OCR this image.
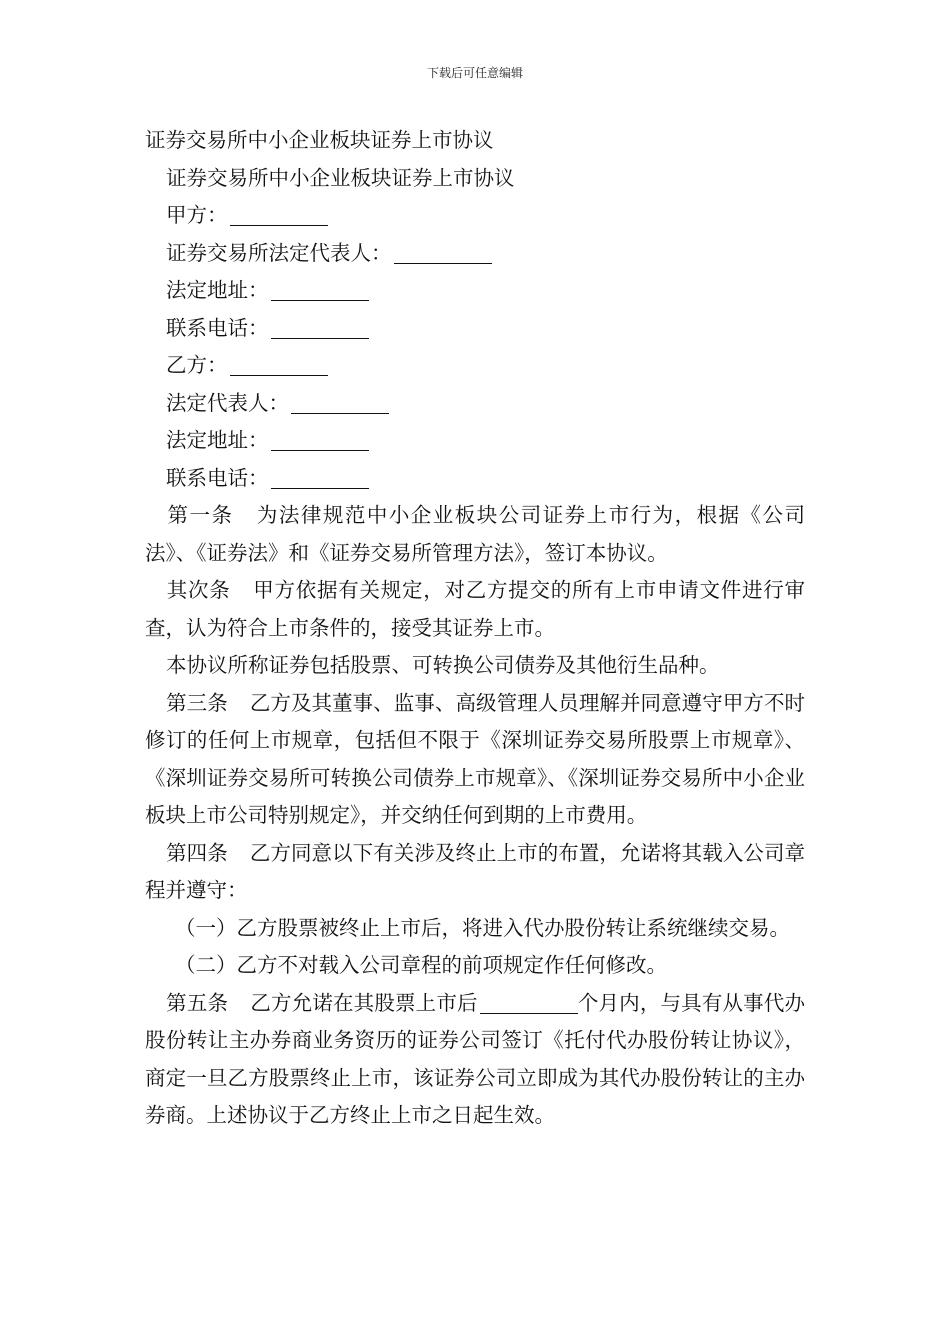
下载后可任意编辑
证券交易所中小企业板块证券上市协议
证券交易所中小企业板块证券上市协议
甲方：
证券交易所法定代表人：
法定地址：
联系电话：
乙方：
法定代表人：
法定地址：
联系电话：
第一条 为法律规范中小企业板块公司证券上市行为，根据《公司法》、《证券法》和《证券交易所管理方法》，签订本协议。
其次条 甲方依据有关规定，对乙方提交的所有上市申请文件进行审查，认为符合上市条件的，接受其证券上市。
本协议所称证券包括股票、可转换公司债券及其他衍生品种。
第三条 乙方及其董事、监事、高级管理人员理解并同意遵守甲方不时修订的任何上市规章，包括但不限于《深圳证券交易所股票上市规章》、《深圳证券交易所可转换公司债券上市规章》、《深圳证券交易所中小企业板块上市公司特别规定》，并交纳任何到期的上市费用。
第四条 乙方同意以下有关涉及终止上市的布置，允诺将其载入公司章程并遵守：
（一）乙方股票被终止上市后，将进入代办股份转让系统继续交易。
（二）乙方不对载入公司章程的前项规定作任何修改。
第五条 乙方允诺在其股票上市后	个月内，与具有从事代办股份转让主办券商业务资历的证券公司签订《托付代办股份转让协议》，商定一旦乙方股票终止上市，该证券公司立即成为其代办股份转让的主办券商。上述协议于乙方终止上市之日起生效。
